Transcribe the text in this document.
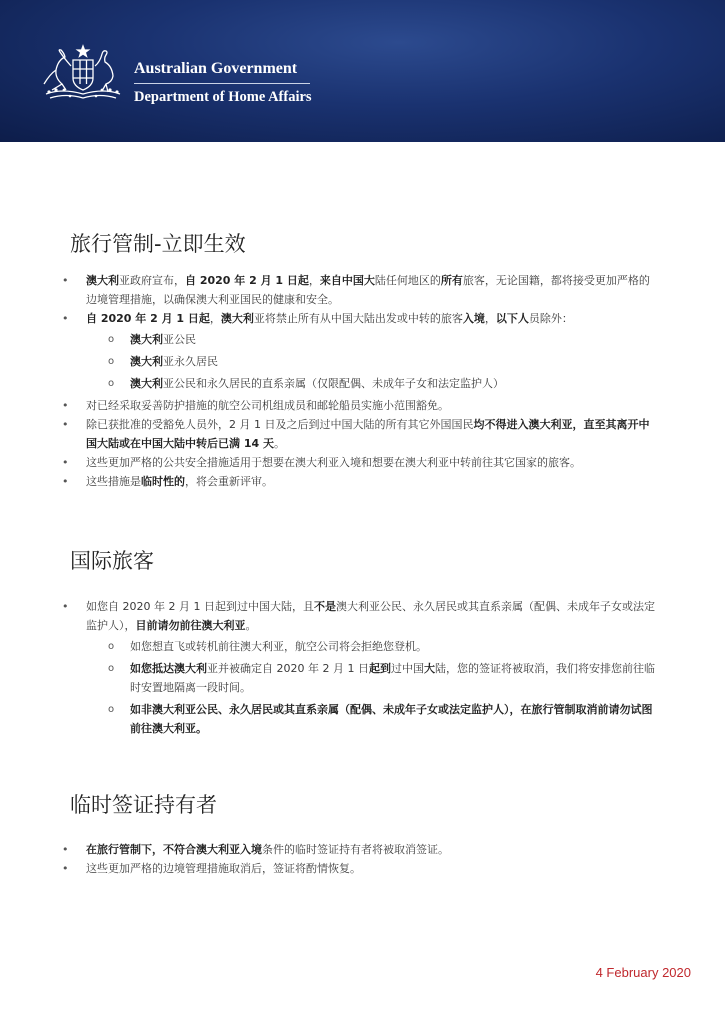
Australian Government
Department of Home Affairs
旅行管制-立即生效
• 澳大利亚政府宣布，自 2020 年 2 月 1 日起，来自中国大陆任何地区的所有旅客，无论国籍，都将接受更加严格的边境管理措施，以确保澳大利亚国民的健康和安全。
• 自 2020 年 2 月 1 日起，澳大利亚将禁止所有从中国大陆出发或中转的旅客入境，以下人员除外：
o 澳大利亚公民
o 澳大利亚永久居民
o 澳大利亚公民和永久居民的直系亲属（仅限配偶、未成年子女和法定监护人）
• 对已经采取妥善防护措施的航空公司机组成员和邮轮船员实施小范围豁免。
• 除已获批准的受豁免人员外，2 月 1 日及之后到过中国大陆的所有其它外国国民均不得进入澳大利亚，直至其离开中国大陆或在中国大陆中转后已满 14 天。
• 这些更加严格的公共安全措施适用于想要在澳大利亚入境和想要在澳大利亚中转前往其它国家的旅客。
• 这些措施是临时性的，将会重新评审。
国际旅客
• 如您自 2020 年 2 月 1 日起到过中国大陆，且不是澳大利亚公民、永久居民或其直系亲属（配偶、未成年子女或法定监护人），目前请勿前往澳大利亚。
o 如您想直飞或转机前往澳大利亚，航空公司将会拒绝您登机。
o 如您抵达澳大利亚并被确定自 2020 年 2 月 1 日起到过中国大陆，您的签证将被取消，我们将安排您前往临时安置地隔离一段时间。
o 如非澳大利亚公民、永久居民或其直系亲属（配偶、未成年子女或法定监护人），在旅行管制取消前请勿试图前往澳大利亚。
临时签证持有者
• 在旅行管制下，不符合澳大利亚入境条件的临时签证持有者将被取消签证。
• 这些更加严格的边境管理措施取消后，签证将酌情恢复。
4 February 2020
